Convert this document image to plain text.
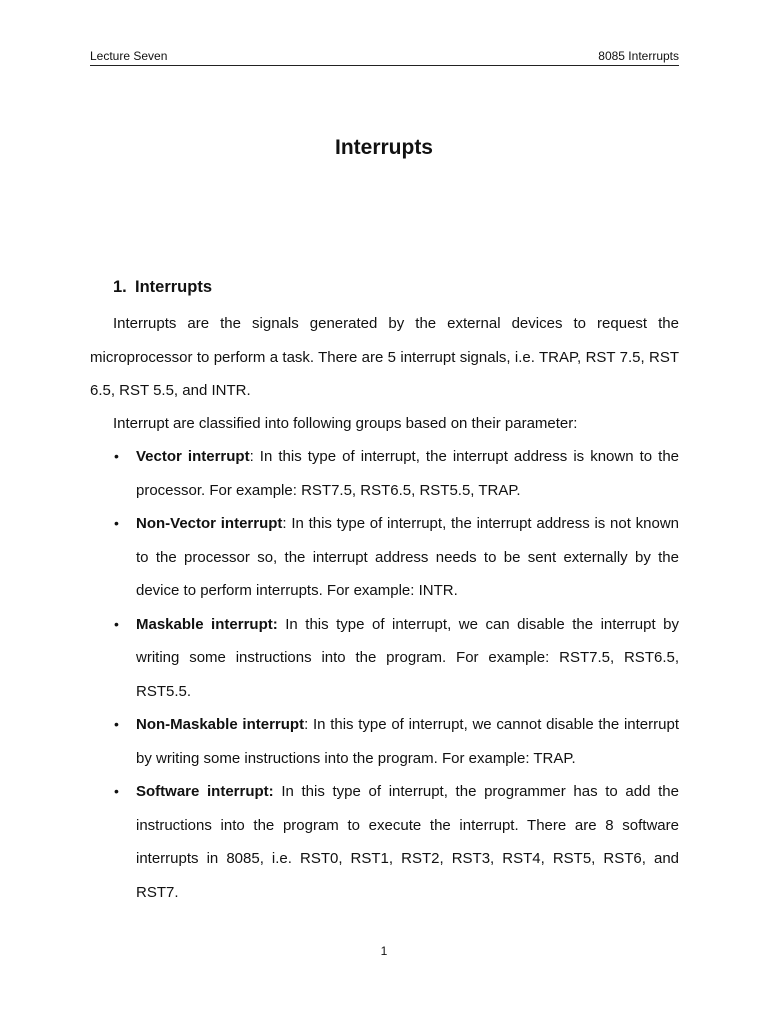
Lecture Seven	8085 Interrupts
Interrupts
1. Interrupts
Interrupts are the signals generated by the external devices to request the microprocessor to perform a task. There are 5 interrupt signals, i.e. TRAP, RST 7.5, RST 6.5, RST 5.5, and INTR.
Interrupt are classified into following groups based on their parameter:
• Vector interrupt: In this type of interrupt, the interrupt address is known to the processor. For example: RST7.5, RST6.5, RST5.5, TRAP.
• Non-Vector interrupt: In this type of interrupt, the interrupt address is not known to the processor so, the interrupt address needs to be sent externally by the device to perform interrupts. For example: INTR.
• Maskable interrupt: In this type of interrupt, we can disable the interrupt by writing some instructions into the program. For example: RST7.5, RST6.5, RST5.5.
• Non-Maskable interrupt: In this type of interrupt, we cannot disable the interrupt by writing some instructions into the program. For example: TRAP.
• Software interrupt: In this type of interrupt, the programmer has to add the instructions into the program to execute the interrupt. There are 8 software interrupts in 8085, i.e. RST0, RST1, RST2, RST3, RST4, RST5, RST6, and RST7.
1
